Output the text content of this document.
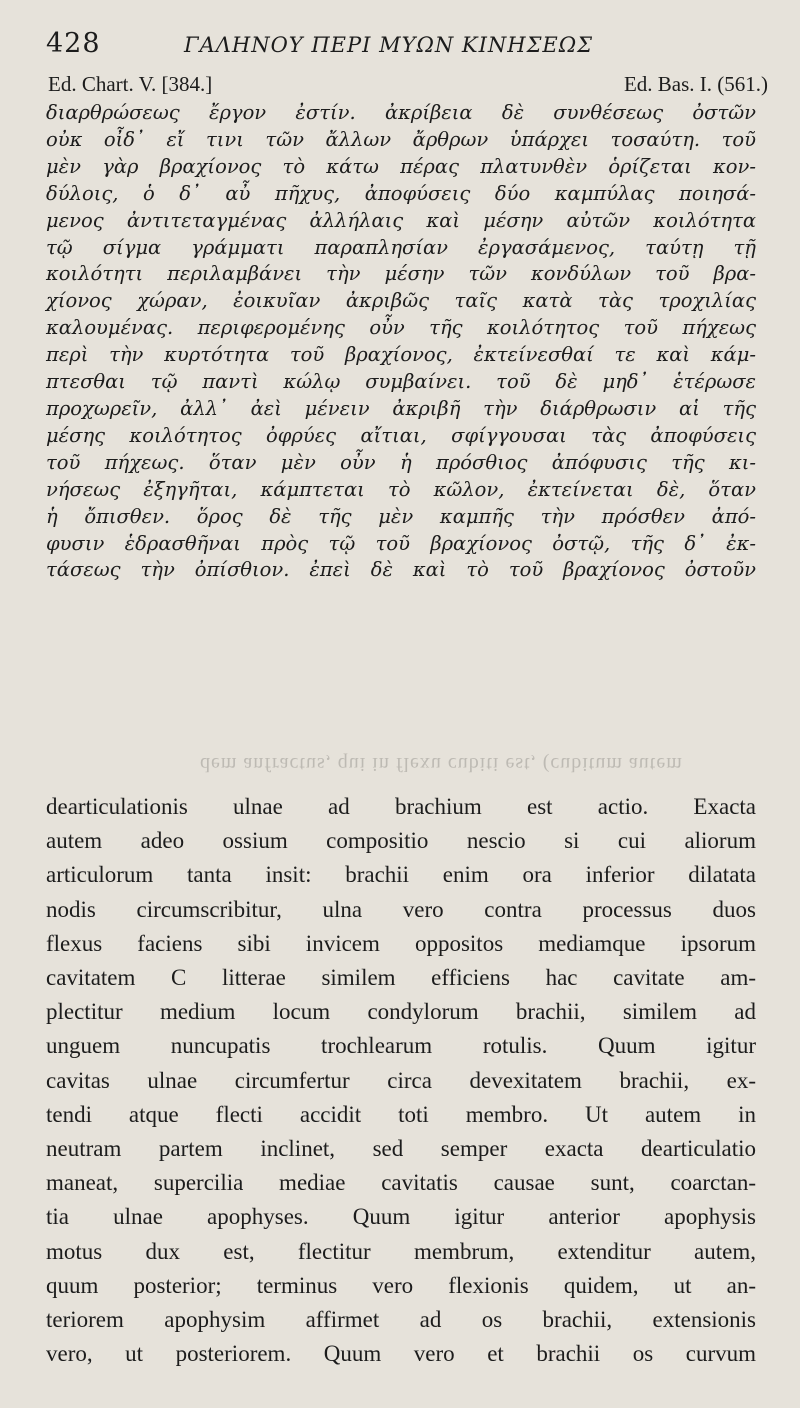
428	ΓΑΛΗΝΟΥ ΠΕΡΙ ΜΥΩΝ ΚΙΝΗΣΕΩΣ
Ed. Chart. V. [384.]	Ed. Bas. I. (561.)
διαρθρώσεως ἔργον ἐστίν. ἀκρίβεια δὲ συνθέσεως ὀστῶν
οὐκ οἶδ᾽ εἴ τινι τῶν ἄλλων ἄρθρων ὑπάρχει τοσαύτη. τοῦ
μὲν γὰρ βραχίονος τὸ κάτω πέρας πλατυνθὲν ὁρίζεται κον-
δύλοις, ὁ δ᾽ αὖ πῆχυς, ἀποφύσεις δύο καμπύλας ποιησά-
μενος ἀντιτεταγμένας ἀλλήλαις καὶ μέσην αὐτῶν κοιλότητα
τῷ σίγμα γράμματι παραπλησίαν ἐργασάμενος, ταύτῃ τῇ
κοιλότητι περιλαμβάνει τὴν μέσην τῶν κονδύλων τοῦ βρα-
χίονος χώραν, ἐοικυῖαν ἀκριβῶς ταῖς κατὰ τὰς τροχιλίας
καλουμένας. περιφερομένης οὖν τῆς κοιλότητος τοῦ πήχεως
περὶ τὴν κυρτότητα τοῦ βραχίονος, ἐκτείνεσθαί τε καὶ κάμ-
πτεσθαι τῷ παντὶ κώλῳ συμβαίνει. τοῦ δὲ μηδ᾽ ἑτέρωσε
προχωρεῖν, ἀλλ᾽ ἀεὶ μένειν ἀκριβῆ τὴν διάρθρωσιν αἱ τῆς
μέσης κοιλότητος ὀφρύες αἴτιαι, σφίγγουσαι τὰς ἀποφύσεις
τοῦ πήχεως. ὅταν μὲν οὖν ἡ πρόσθιος ἀπόφυσις τῆς κι-
νήσεως ἐξηγῆται, κάμπτεται τὸ κῶλον, ἐκτείνεται δὲ, ὅταν
ἡ ὄπισθεν. ὅρος δὲ τῆς μὲν καμπῆς τὴν πρόσθεν ἀπό-
φυσιν ἑδρασθῆναι πρὸς τῷ τοῦ βραχίονος ὀστῷ, τῆς δ᾽ ἐκ-
τάσεως τὴν ὀπίσθιον. ἐπεὶ δὲ καὶ τὸ τοῦ βραχίονος ὀστοῦν
dem anfractus, qui in flexu cubiti est, (cubitum autem
dearticulationis ulnae ad brachium est actio. Exacta
autem adeo ossium compositio nescio si cui aliorum
articulorum tanta insit: brachii enim ora inferior dilatata
nodis circumscribitur, ulna vero contra processus duos
flexus faciens sibi invicem oppositos mediamque ipsorum
cavitatem C litterae similem efficiens hac cavitate am-
plectitur medium locum condylorum brachii, similem ad
unguem nuncupatis trochlearum rotulis. Quum igitur
cavitas ulnae circumfertur circa devexitatem brachii, ex-
tendi atque flecti accidit toti membro. Ut autem in
neutram partem inclinet, sed semper exacta dearticulatio
maneat, supercilia mediae cavitatis causae sunt, coarctan-
tia ulnae apophyses. Quum igitur anterior apophysis
motus dux est, flectitur membrum, extenditur autem,
quum posterior; terminus vero flexionis quidem, ut an-
teriorem apophysim affirmet ad os brachii, extensionis
vero, ut posteriorem. Quum vero et brachii os curvum
